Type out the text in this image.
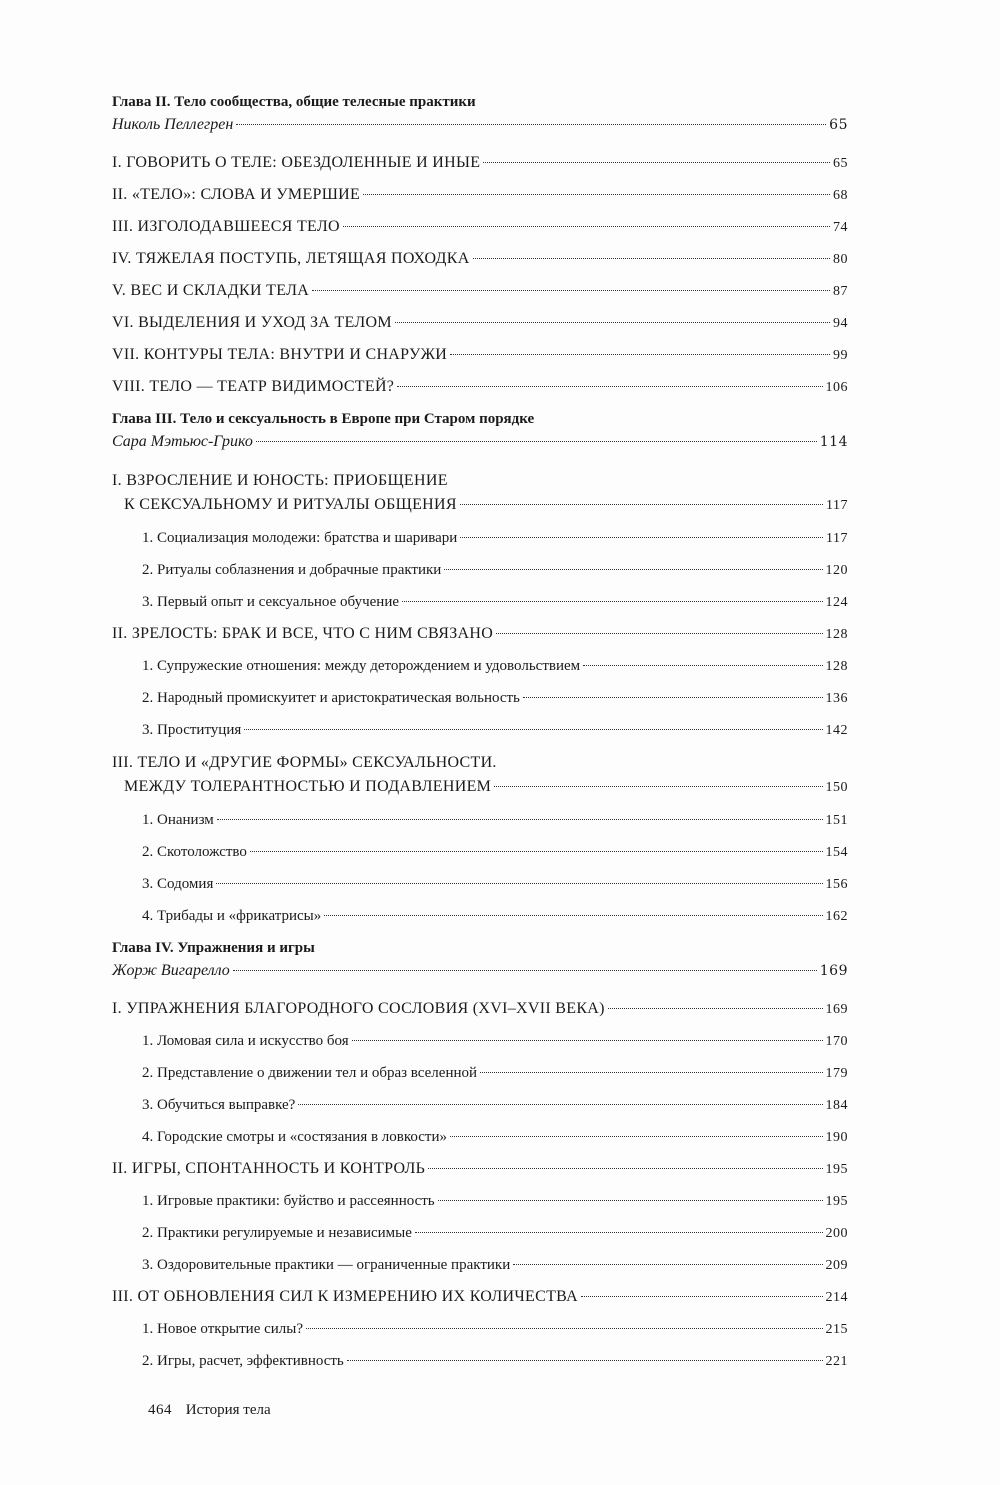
Глава II. Тело сообщества, общие телесные практики
Николь Пеллегрен	65
I. ГОВОРИТЬ О ТЕЛЕ: ОБЕЗДОЛЕННЫЕ И ИНЫЕ	65
II. «ТЕЛО»: СЛОВА И УМЕРШИЕ	68
III. ИЗГОЛОДАВШЕЕСЯ ТЕЛО	74
IV. ТЯЖЕЛАЯ ПОСТУПЬ, ЛЕТЯЩАЯ ПОХОДКА	80
V. ВЕС И СКЛАДКИ ТЕЛА	87
VI. ВЫДЕЛЕНИЯ И УХОД ЗА ТЕЛОМ	94
VII. КОНТУРЫ ТЕЛА: ВНУТРИ И СНАРУЖИ	99
VIII. ТЕЛО — ТЕАТР ВИДИМОСТЕЙ?	106
Глава III. Тело и сексуальность в Европе при Старом порядке
Сара Мэтьюс-Грико	114
I. ВЗРОСЛЕНИЕ И ЮНОСТЬ: ПРИОБЩЕНИЕ
К СЕКСУАЛЬНОМУ И РИТУАЛЫ ОБЩЕНИЯ	117
1. Социализация молодежи: братства и шаривари	117
2. Ритуалы соблазнения и добрачные практики	120
3. Первый опыт и сексуальное обучение	124
II. ЗРЕЛОСТЬ: БРАК И ВСЕ, ЧТО С НИМ СВЯЗАНО	128
1. Супружеские отношения: между деторождением и удовольствием	128
2. Народный промискуитет и аристократическая вольность	136
3. Проституция	142
III. ТЕЛО И «ДРУГИЕ ФОРМЫ» СЕКСУАЛЬНОСТИ.
МЕЖДУ ТОЛЕРАНТНОСТЬЮ И ПОДАВЛЕНИЕМ	150
1. Онанизм	151
2. Скотоложство	154
3. Содомия	156
4. Трибады и «фрикатрисы»	162
Глава IV. Упражнения и игры
Жорж Вигарелло	169
I. УПРАЖНЕНИЯ БЛАГОРОДНОГО СОСЛОВИЯ (XVI–XVII ВЕКА)	169
1. Ломовая сила и искусство боя	170
2. Представление о движении тел и образ вселенной	179
3. Обучиться выправке?	184
4. Городские смотры и «состязания в ловкости»	190
II. ИГРЫ, СПОНТАННОСТЬ И КОНТРОЛЬ	195
1. Игровые практики: буйство и рассеянность	195
2. Практики регулируемые и независимые	200
3. Оздоровительные практики — ограниченные практики	209
III. ОТ ОБНОВЛЕНИЯ СИЛ К ИЗМЕРЕНИЮ ИХ КОЛИЧЕСТВА	214
1. Новое открытие силы?	215
2. Игры, расчет, эффективность	221
464 История тела
